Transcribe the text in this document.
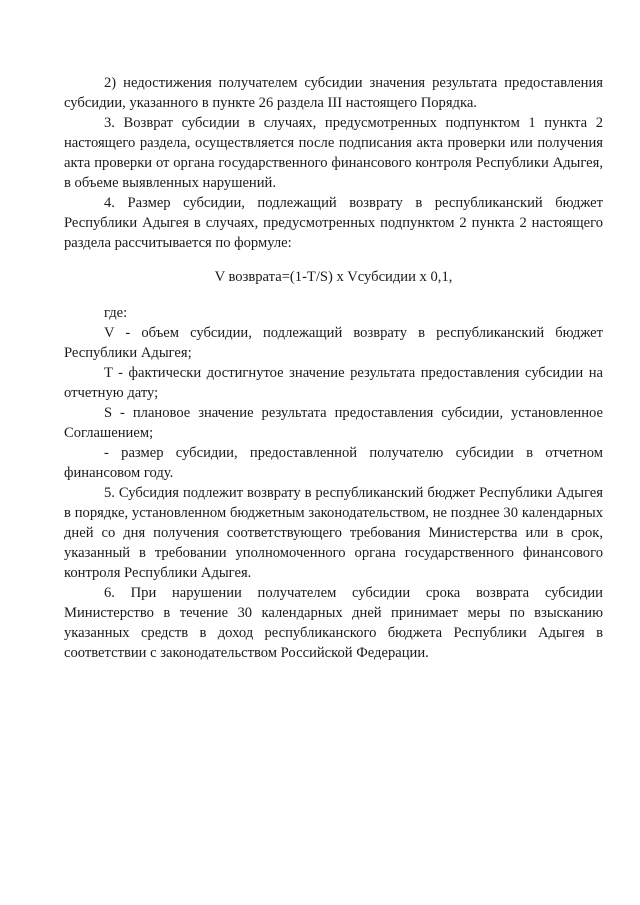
2) недостижения получателем субсидии значения результата предоставления субсидии, указанного в пункте 26 раздела III настоящего Порядка.

3. Возврат субсидии в случаях, предусмотренных подпунктом 1 пункта 2 настоящего раздела, осуществляется после подписания акта проверки или получения акта проверки от органа государственного финансового контроля Республики Адыгея, в объеме выявленных нарушений.

4. Размер субсидии, подлежащий возврату в республиканский бюджет Республики Адыгея в случаях, предусмотренных подпунктом 2 пункта 2 настоящего раздела рассчитывается по формуле:

V возврата=(1-T/S) x Vсубсидии x 0,1,

где:

V - объем субсидии, подлежащий возврату в республиканский бюджет Республики Адыгея;

T - фактически достигнутое значение результата предоставления субсидии на отчетную дату;

S - плановое значение результата предоставления субсидии, установленное Соглашением;

- размер субсидии, предоставленной получателю субсидии в отчетном финансовом году.

5. Субсидия подлежит возврату в республиканский бюджет Республики Адыгея в порядке, установленном бюджетным законодательством, не позднее 30 календарных дней со дня получения соответствующего требования Министерства или в срок, указанный в требовании уполномоченного органа государственного финансового контроля Республики Адыгея.

6. При нарушении получателем субсидии срока возврата субсидии Министерство в течение 30 календарных дней принимает меры по взысканию указанных средств в доход республиканского бюджета Республики Адыгея в соответствии с законодательством Российской Федерации.
